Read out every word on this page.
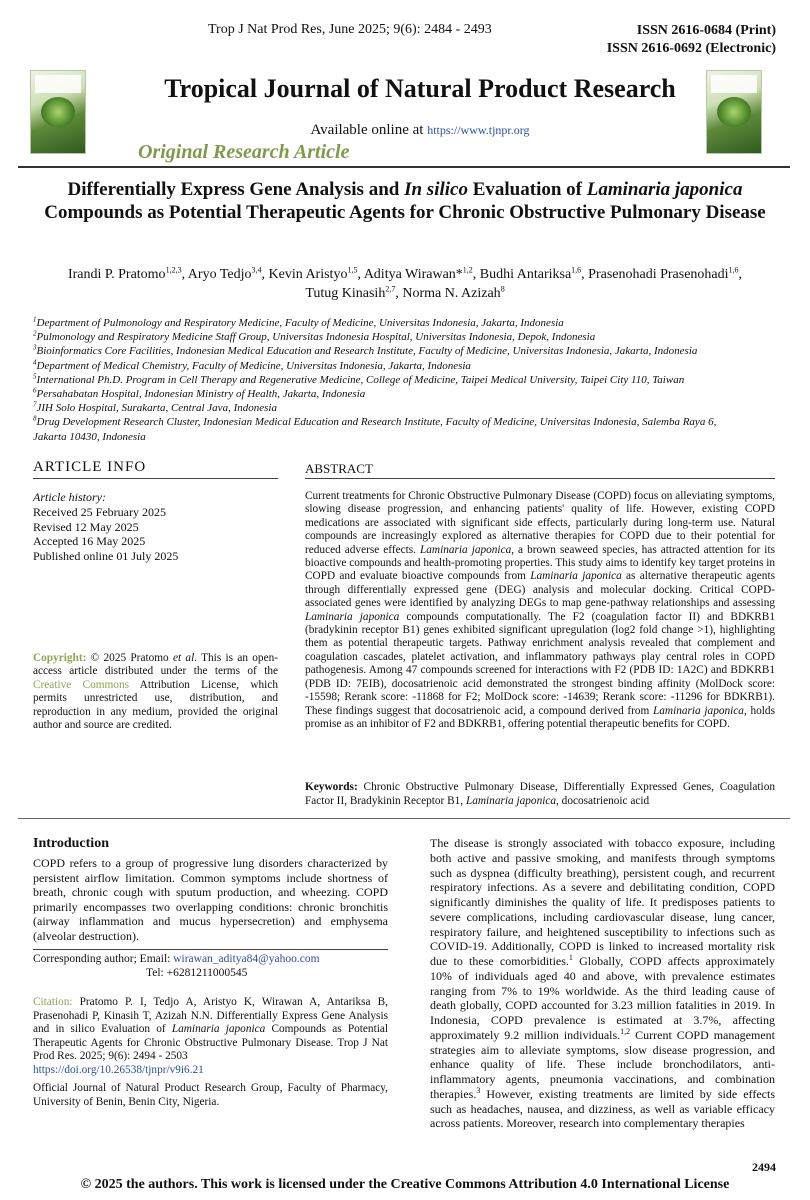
Trop J Nat Prod Res, June 2025; 9(6): 2484 - 2493	ISSN 2616-0684 (Print)
ISSN 2616-0692 (Electronic)
Tropical Journal of Natural Product Research
Available online at https://www.tjnpr.org
Original Research Article
Differentially Express Gene Analysis and In silico Evaluation of Laminaria japonica Compounds as Potential Therapeutic Agents for Chronic Obstructive Pulmonary Disease
Irandi P. Pratomo$^{1,2,3}$, Aryo Tedjo$^{3,4}$, Kevin Aristyo$^{1,5}$, Aditya Wirawan*$^{1,2}$, Budhi Antariksa$^{1,6}$, Prasenohadi Prasenohadi$^{1,6}$,
Tutug Kinasih$^{2,7}$, Norma N. Azizah$^8$
$^1$Department of Pulmonology and Respiratory Medicine, Faculty of Medicine, Universitas Indonesia, Jakarta, Indonesia
$^2$Pulmonology and Respiratory Medicine Staff Group, Universitas Indonesia Hospital, Universitas Indonesia, Depok, Indonesia
$^3$Bioinformatics Core Facilities, Indonesian Medical Education and Research Institute, Faculty of Medicine, Universitas Indonesia, Jakarta, Indonesia
$^4$Department of Medical Chemistry, Faculty of Medicine, Universitas Indonesia, Jakarta, Indonesia
$^5$International Ph.D. Program in Cell Therapy and Regenerative Medicine, College of Medicine, Taipei Medical University, Taipei City 110, Taiwan
$^6$Persahabatan Hospital, Indonesian Ministry of Health, Jakarta, Indonesia
$^7$JIH Solo Hospital, Surakarta, Central Java, Indonesia
$^8$Drug Development Research Cluster, Indonesian Medical Education and Research Institute, Faculty of Medicine, Universitas Indonesia, Salemba Raya 6,
Jakarta 10430, Indonesia
ARTICLE INFO	ABSTRACT
Article history:
Received 25 February 2025
Revised 12 May 2025
Accepted 16 May 2025
Published online 01 July 2025
Copyright: © 2025 Pratomo et al. This is an open-access article distributed under the terms of the Creative Commons Attribution License, which permits unrestricted use, distribution, and reproduction in any medium, provided the original author and source are credited.
Current treatments for Chronic Obstructive Pulmonary Disease (COPD) focus on alleviating symptoms, slowing disease progression, and enhancing patients' quality of life. However, existing COPD medications are associated with significant side effects, particularly during long-term use. Natural compounds are increasingly explored as alternative therapies for COPD due to their potential for reduced adverse effects. Laminaria japonica, a brown seaweed species, has attracted attention for its bioactive compounds and health-promoting properties. This study aims to identify key target proteins in COPD and evaluate bioactive compounds from Laminaria japonica as alternative therapeutic agents through differentially expressed gene (DEG) analysis and molecular docking. Critical COPD-associated genes were identified by analyzing DEGs to map gene-pathway relationships and assessing Laminaria japonica compounds computationally. The F2 (coagulation factor II) and BDKRB1 (bradykinin receptor B1) genes exhibited significant upregulation (log2 fold change >1), highlighting them as potential therapeutic targets. Pathway enrichment analysis revealed that complement and coagulation cascades, platelet activation, and inflammatory pathways play central roles in COPD pathogenesis. Among 47 compounds screened for interactions with F2 (PDB ID: 1A2C) and BDKRB1 (PDB ID: 7EIB), docosatrienoic acid demonstrated the strongest binding affinity (MolDock score: -15598; Rerank score: -11868 for F2; MolDock score: -14639; Rerank score: -11296 for BDKRB1). These findings suggest that docosatrienoic acid, a compound derived from Laminaria japonica, holds promise as an inhibitor of F2 and BDKRB1, offering potential therapeutic benefits for COPD.
Keywords: Chronic Obstructive Pulmonary Disease, Differentially Expressed Genes, Coagulation Factor II, Bradykinin Receptor B1, Laminaria japonica, docosatrienoic acid
Introduction
COPD refers to a group of progressive lung disorders characterized by persistent airflow limitation. Common symptoms include shortness of breath, chronic cough with sputum production, and wheezing. COPD primarily encompasses two overlapping conditions: chronic bronchitis (airway inflammation and mucus hypersecretion) and emphysema (alveolar destruction).
Corresponding author; Email: wirawan_aditya84@yahoo.com
Tel: +6281211000545
Citation: Pratomo P. I, Tedjo A, Aristyo K, Wirawan A, Antariksa B, Prasenohadi P, Kinasih T, Azizah N.N. Differentially Express Gene Analysis and in silico Evaluation of Laminaria japonica Compounds as Potential Therapeutic Agents for Chronic Obstructive Pulmonary Disease. Trop J Nat Prod Res. 2025; 9(6): 2494 - 2503
https://doi.org/10.26538/tjnpr/v9i6.21
Official Journal of Natural Product Research Group, Faculty of Pharmacy, University of Benin, Benin City, Nigeria.
The disease is strongly associated with tobacco exposure, including both active and passive smoking, and manifests through symptoms such as dyspnea (difficulty breathing), persistent cough, and recurrent respiratory infections. As a severe and debilitating condition, COPD significantly diminishes the quality of life. It predisposes patients to severe complications, including cardiovascular disease, lung cancer, respiratory failure, and heightened susceptibility to infections such as COVID-19. Additionally, COPD is linked to increased mortality risk due to these comorbidities.$^1$ Globally, COPD affects approximately 10% of individuals aged 40 and above, with prevalence estimates ranging from 7% to 19% worldwide. As the third leading cause of death globally, COPD accounted for 3.23 million fatalities in 2019. In Indonesia, COPD prevalence is estimated at 3.7%, affecting approximately 9.2 million individuals.$^{1,2}$ Current COPD management strategies aim to alleviate symptoms, slow disease progression, and enhance quality of life. These include bronchodilators, anti-inflammatory agents, pneumonia vaccinations, and combination therapies.$^3$ However, existing treatments are limited by side effects such as headaches, nausea, and dizziness, as well as variable efficacy across patients. Moreover, research into complementary therapies
2494
© 2025 the authors. This work is licensed under the Creative Commons Attribution 4.0 International License
